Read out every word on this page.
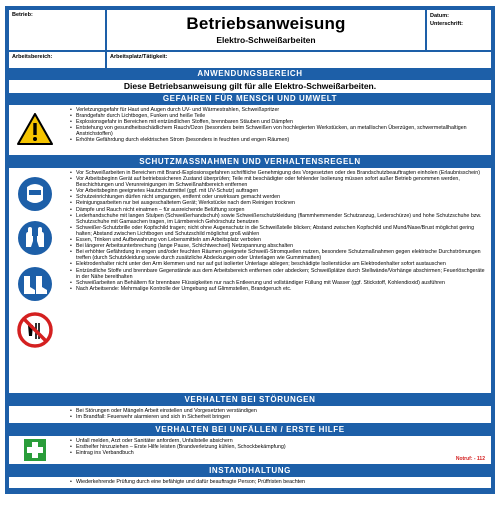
Betrieb:	Betriebsanweisung
Elektro-Schweißarbeiten
Datum:
Unterschrift:
Arbeitsbereich:	Arbeitsplatz/Tätigkeit:
ANWENDUNGSBEREICH
Diese Betriebsanweisung gilt für alle Elektro-Schweißarbeiten.
GEFAHREN FÜR MENSCH UND UMWELT
• Verletzungsgefahr für Haut und Augen durch UV- und Wärmestrahlen, Schweißspritzer
• Brandgefahr durch Lichtbogen, Funken und heiße Teile
• Explosionsgefahr in Bereichen mit entzündlichen Stoffen, brennbaren Stäuben und Dämpfen
• Entstehung von gesundheitsschädlichem Rauch/Ozon (besonders beim Schweißen von hochlegierten Werkstücken, an metallischen Überzügen, schwermetallhaltigen Anstrichstoffen)
• Erhöhte Gefährdung durch elektrischen Strom (besonders in feuchten und engen Räumen)
SCHUTZMASSNAHMEN UND VERHALTENSREGELN
• Vor Schweißarbeiten in Bereichen mit Brand-/Explosionsgefahren schriftliche Genehmigung des Vorgesetzten oder des Brandschutzbeauftragten einholen (Erlaubnisschein)
• Vor Arbeitsbeginn Gerät auf betriebssicheren Zustand überprüfen; Teile mit beschädigter oder fehlender Isolierung müssen sofort außer Betrieb genommen werden, Beschichtungen und Verunreinigungen im Schweißnahtbereich entfernen
• Vor Arbeitsbeginn geeignetes Hautschutzmittel (ggf. mit UV-Schutz) auftragen
• Schutzeinrichtungen dürfen nicht umgangen, entfernt oder unwirksam gemacht werden
• Reinigungsarbeiten nur bei ausgeschaltetem Gerät; Werkstücke nach dem Reinigen trocknen
• Dämpfe und Rauch nicht einatmen – für ausreichende Belüftung sorgen
• Lederhandschuhe mit langen Stulpen (Schweißerhandschuh) sowie Schweißerschutzkleidung (flammhemmender Schutzanzug, Lederschürze) und hohe Schutzschuhe bzw. Schutzschuhe mit Gamaschen tragen, im Lärmbereich Gehörschutz benutzen
• Schweißer-Schutzbrille oder Kopfschild tragen; nicht ohne Augenschutz in die Schweißstelle blicken; Abstand zwischen Kopfschild und Mund/Nase/Brust möglichst gering halten; Abstand zwischen Lichtbogen und Schutzschild möglichst groß wählen
• Essen, Trinken und Aufbewahrung von Lebensmitteln am Arbeitsplatz verboten
• Bei längerer Arbeitsunterbrechung (lange Pause, Schichtwechsel) Netzspannung abschalten
• Bei erhöhter Gefährdung in engen und/oder feuchten Räumen geeignete Schweiß-Stromquellen nutzen, besondere Schutzmaßnahmen gegen elektrische Durchströmungen treffen (durch Schutzkleidung sowie durch zusätzliche Abdeckungen oder Unterlagen wie Gummimatten)
• Elektrodenhalter nicht unter den Arm klemmen und nur auf gut isolierter Unterlage ablegen; beschädigte Isolierstücke am Elektrodenhalter sofort austauschen
• Entzündliche Stoffe und brennbare Gegenstände aus dem Arbeitsbereich entfernen oder abdecken; Schweißplätze durch Stellwände/Vorhänge abschirmen; Feuerlöschgeräte in der Nähe bereithalten
• Schweißarbeiten an Behältern für brennbare Flüssigkeiten nur nach Entleerung und vollständiger Füllung mit Wasser (ggf. Stickstoff, Kohlendioxid) ausführen
• Nach Arbeitsende: Mehrmalige Kontrolle der Umgebung auf Glimmstellen, Brandgeruch etc.
VERHALTEN BEI STÖRUNGEN
• Bei Störungen oder Mängeln Arbeit einstellen und Vorgesetzten verständigen
• Im Brandfall: Feuerwehr alarmieren und sich in Sicherheit bringen
VERHALTEN BEI UNFÄLLEN / ERSTE HILFE
• Unfall melden, Arzt oder Sanitäter anfordern, Unfallstelle absichern
• Ersthelfer hinzuziehen – Erste Hilfe leisten (Brandverletzung kühlen, Schockbekämpfung)
• Eintrag ins Verbandbuch
Notruf: - 112
INSTANDHALTUNG
• Wiederkehrende Prüfung durch eine befähigte und dafür beauftragte Person; Prüffristen beachten
